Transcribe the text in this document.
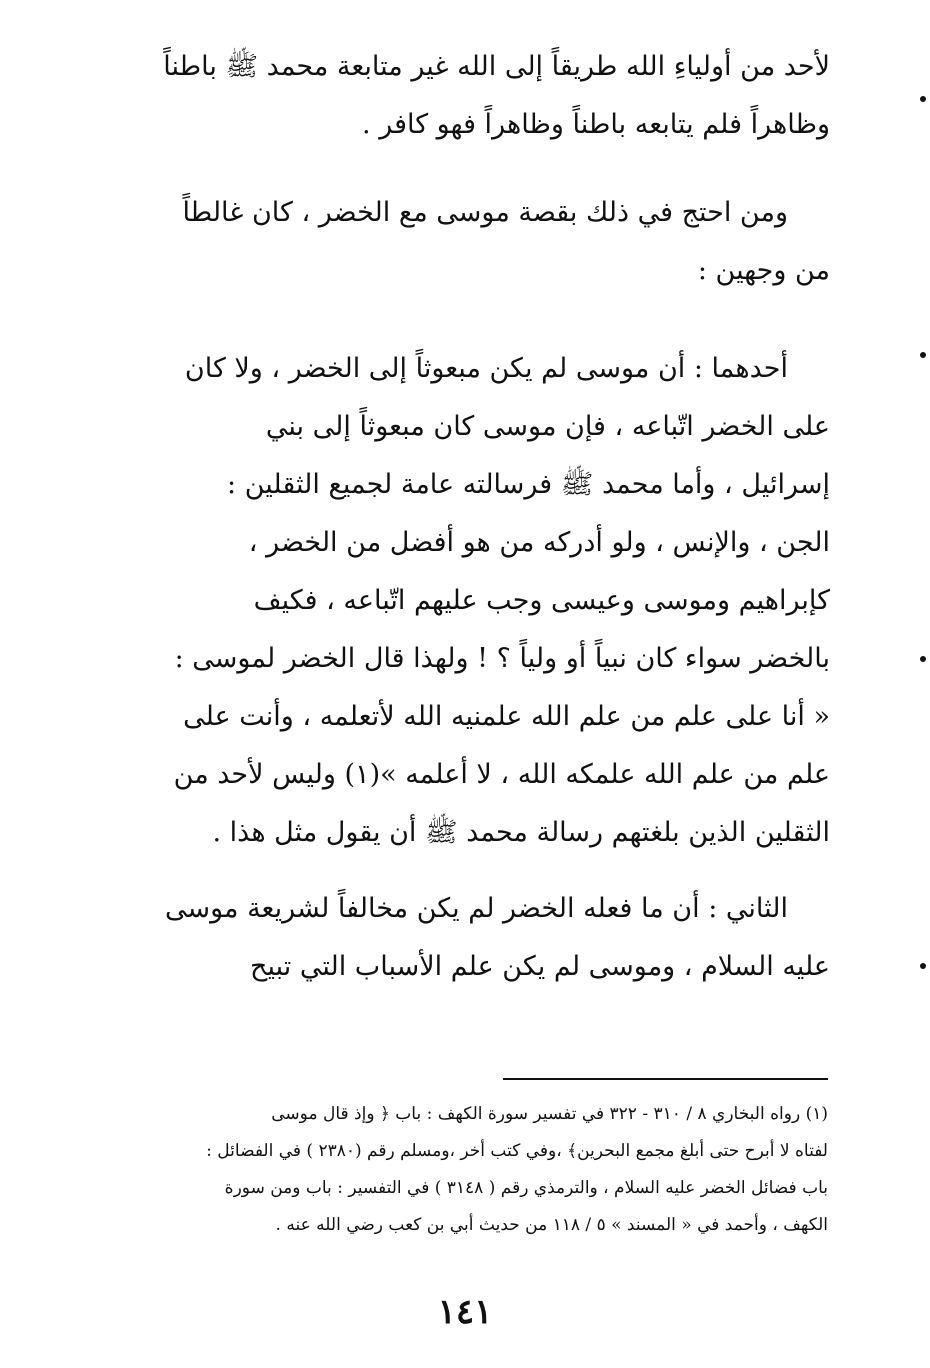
لأحد من أولياءِ الله طريقاً إلى الله غير متابعة محمد ﷺ باطناً
وظاهراً فلم يتابعه باطناً وظاهراً فهو كافر .
ومن احتج في ذلك بقصة موسى مع الخضر ، كان غالطاً
من وجهين :
أحدهما : أن موسى لم يكن مبعوثاً إلى الخضر ، ولا كان
على الخضر اتّباعه ، فإن موسى كان مبعوثاً إلى بني
إسرائيل ، وأما محمد ﷺ فرسالته عامة لجميع الثقلين :
الجن ، والإنس ، ولو أدركه من هو أفضل من الخضر ،
كإبراهيم وموسى وعيسى وجب عليهم اتّباعه ، فكيف
بالخضر سواء كان نبياً أو ولياً ؟ ! ولهذا قال الخضر لموسى :
« أنا على علم من علم الله علمنيه الله لأتعلمه ، وأنت على
علم من علم الله علمكه الله ، لا أعلمه »(١) وليس لأحد من
الثقلين الذين بلغتهم رسالة محمد ﷺ أن يقول مثل هذا .
الثاني : أن ما فعله الخضر لم يكن مخالفاً لشريعة موسى
عليه السلام ، وموسى لم يكن علم الأسباب التي تبيح
(١) رواه البخاري ٨ / ٣١٠ - ٣٢٢ في تفسير سورة الكهف : باب ﴿ وإذ قال موسى
لفتاه لا أبرح حتى أبلغ مجمع البحرين﴾ ،وفي كتب أخر ،ومسلم رقم (٢٣٨٠ ) في الفضائل :
باب فضائل الخضر عليه السلام ، والترمذي رقم ( ٣١٤٨ ) في التفسير : باب ومن سورة
الكهف ، وأحمد في « المسند » ٥ / ١١٨ من حديث أبي بن كعب رضي الله عنه .
١٤١
